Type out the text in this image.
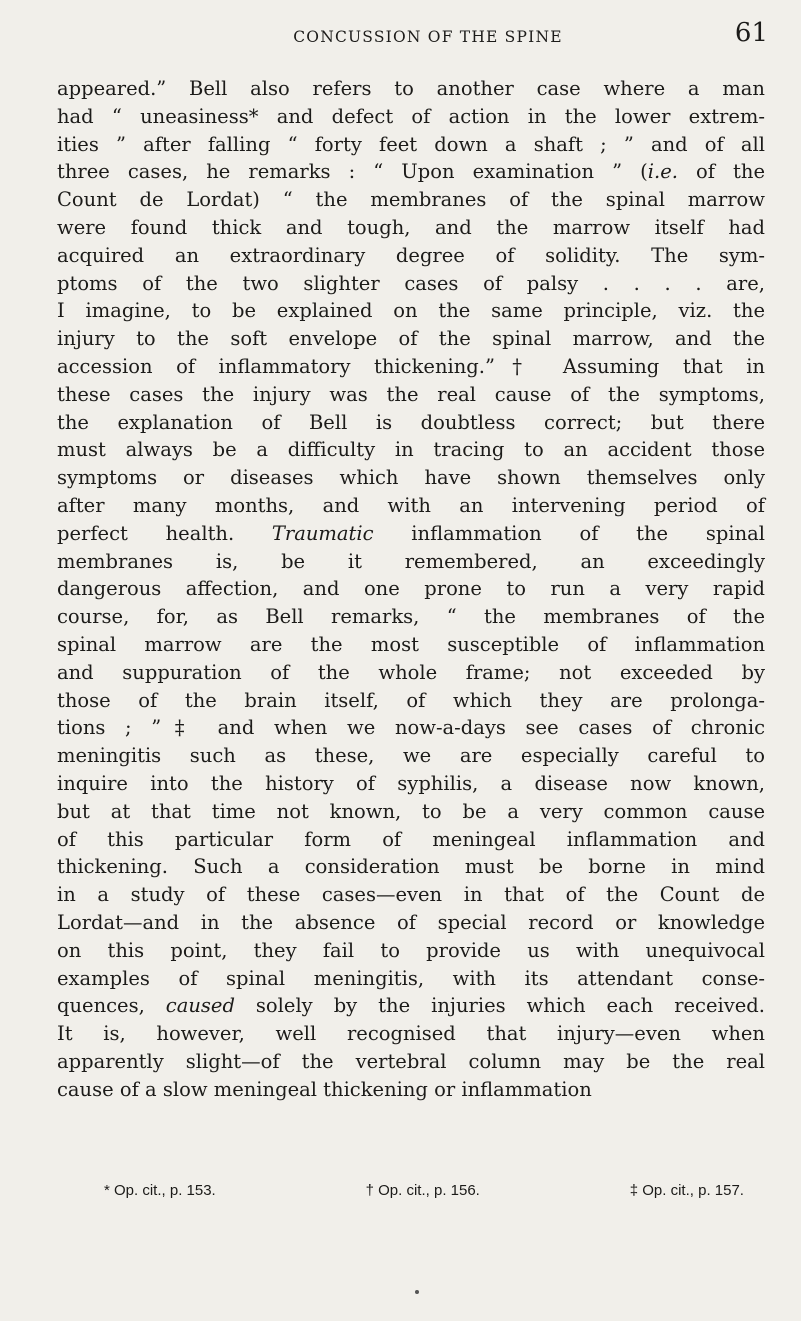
CONCUSSION OF THE SPINE	61
appeared.” Bell also refers to another case where a man
had “ uneasiness* and defect of action in the lower extrem-
ities ” after falling “ forty feet down a shaft ; ” and of all
three cases, he remarks : “ Upon examination ” (i.e. of the
Count de Lordat) “ the membranes of the spinal marrow
were found thick and tough, and the marrow itself had
acquired an extraordinary degree of solidity. The sym-
ptoms of the two slighter cases of palsy . . . . are,
I imagine, to be explained on the same principle, viz. the
injury to the soft envelope of the spinal marrow, and the
accession of inflammatory thickening.”† Assuming that in
these cases the injury was the real cause of the symptoms,
the explanation of Bell is doubtless correct; but there
must always be a difficulty in tracing to an accident those
symptoms or diseases which have shown themselves only
after many months, and with an intervening period of
perfect health. Traumatic inflammation of the spinal
membranes is, be it remembered, an exceedingly
dangerous affection, and one prone to run a very rapid
course, for, as Bell remarks, “ the membranes of the
spinal marrow are the most susceptible of inflammation
and suppuration of the whole frame; not exceeded by
those of the brain itself, of which they are prolonga-
tions ; ”‡ and when we now-a-days see cases of chronic
meningitis such as these, we are especially careful to
inquire into the history of syphilis, a disease now known,
but at that time not known, to be a very common cause
of this particular form of meningeal inflammation and
thickening. Such a consideration must be borne in mind
in a study of these cases—even in that of the Count de
Lordat—and in the absence of special record or knowledge
on this point, they fail to provide us with unequivocal
examples of spinal meningitis, with its attendant conse-
quences, caused solely by the injuries which each received.
It is, however, well recognised that injury—even when
apparently slight—of the vertebral column may be the real
cause of a slow meningeal thickening or inflammation
* Op. cit., p. 153.	† Op. cit., p. 156.	‡ Op. cit., p. 157.
